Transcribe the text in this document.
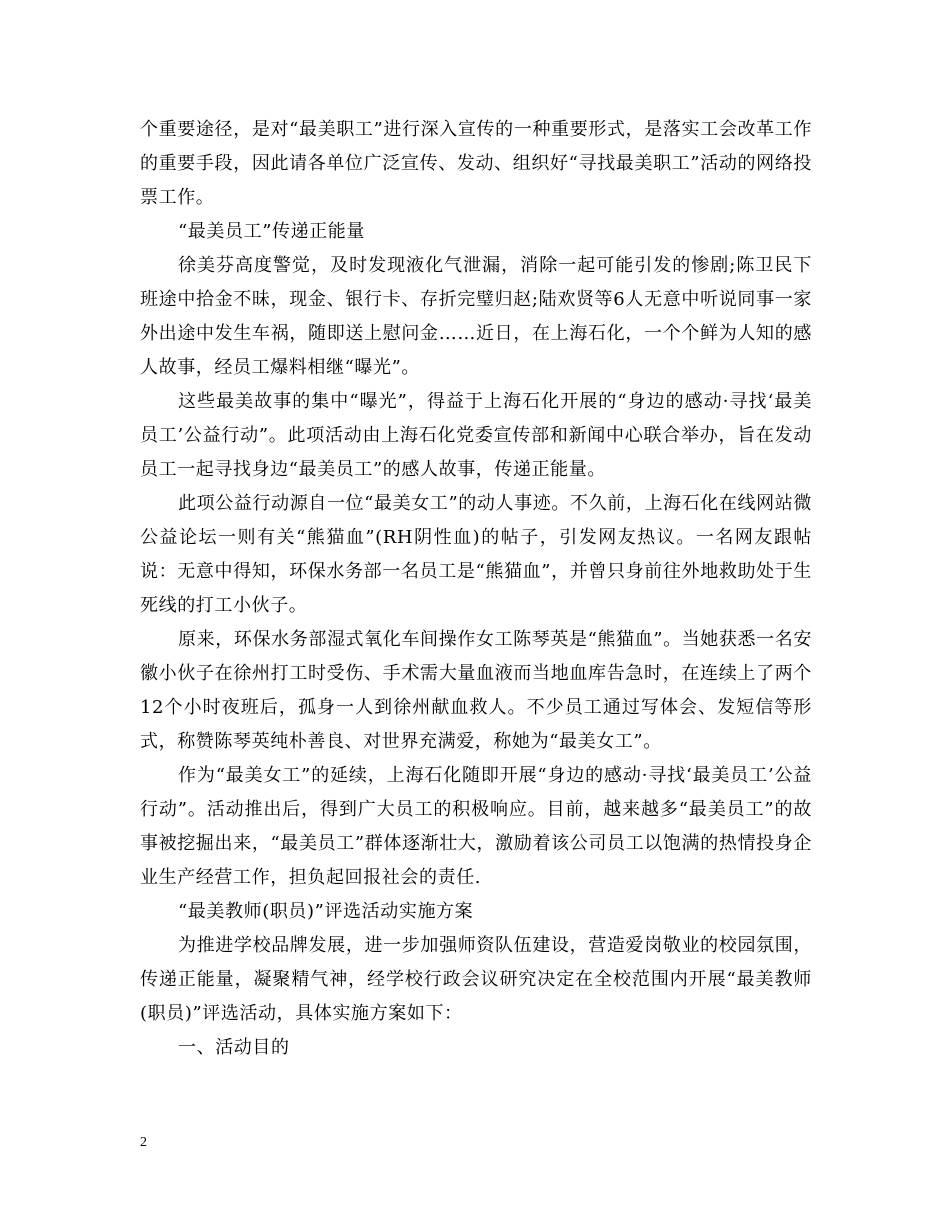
个重要途径，是对“最美职工”进行深入宣传的一种重要形式，是落实工会改革工作的重要手段，因此请各单位广泛宣传、发动、组织好“寻找最美职工”活动的网络投票工作。

“最美员工”传递正能量

徐美芬高度警觉，及时发现液化气泄漏，消除一起可能引发的惨剧;陈卫民下班途中拾金不昧，现金、银行卡、存折完璧归赵;陆欢贤等6人无意中听说同事一家外出途中发生车祸，随即送上慰问金……近日，在上海石化，一个个鲜为人知的感人故事，经员工爆料相继“曝光”。

这些最美故事的集中“曝光”，得益于上海石化开展的“身边的感动·寻找‘最美员工’公益行动”。此项活动由上海石化党委宣传部和新闻中心联合举办，旨在发动员工一起寻找身边“最美员工”的感人故事，传递正能量。

此项公益行动源自一位“最美女工”的动人事迹。不久前，上海石化在线网站微公益论坛一则有关“熊猫血”(RH阴性血)的帖子，引发网友热议。一名网友跟帖说：无意中得知，环保水务部一名员工是“熊猫血”，并曾只身前往外地救助处于生死线的打工小伙子。

原来，环保水务部湿式氧化车间操作女工陈琴英是“熊猫血”。当她获悉一名安徽小伙子在徐州打工时受伤、手术需大量血液而当地血库告急时，在连续上了两个12个小时夜班后，孤身一人到徐州献血救人。不少员工通过写体会、发短信等形式，称赞陈琴英纯朴善良、对世界充满爱，称她为“最美女工”。

作为“最美女工”的延续，上海石化随即开展“身边的感动·寻找‘最美员工’公益行动”。活动推出后，得到广大员工的积极响应。目前，越来越多“最美员工”的故事被挖掘出来，“最美员工”群体逐渐壮大，激励着该公司员工以饱满的热情投身企业生产经营工作，担负起回报社会的责任.

“最美教师(职员)”评选活动实施方案

为推进学校品牌发展，进一步加强师资队伍建设，营造爱岗敬业的校园氛围，传递正能量，凝聚精气神，经学校行政会议研究决定在全校范围内开展“最美教师(职员)”评选活动，具体实施方案如下：

一、活动目的

2
